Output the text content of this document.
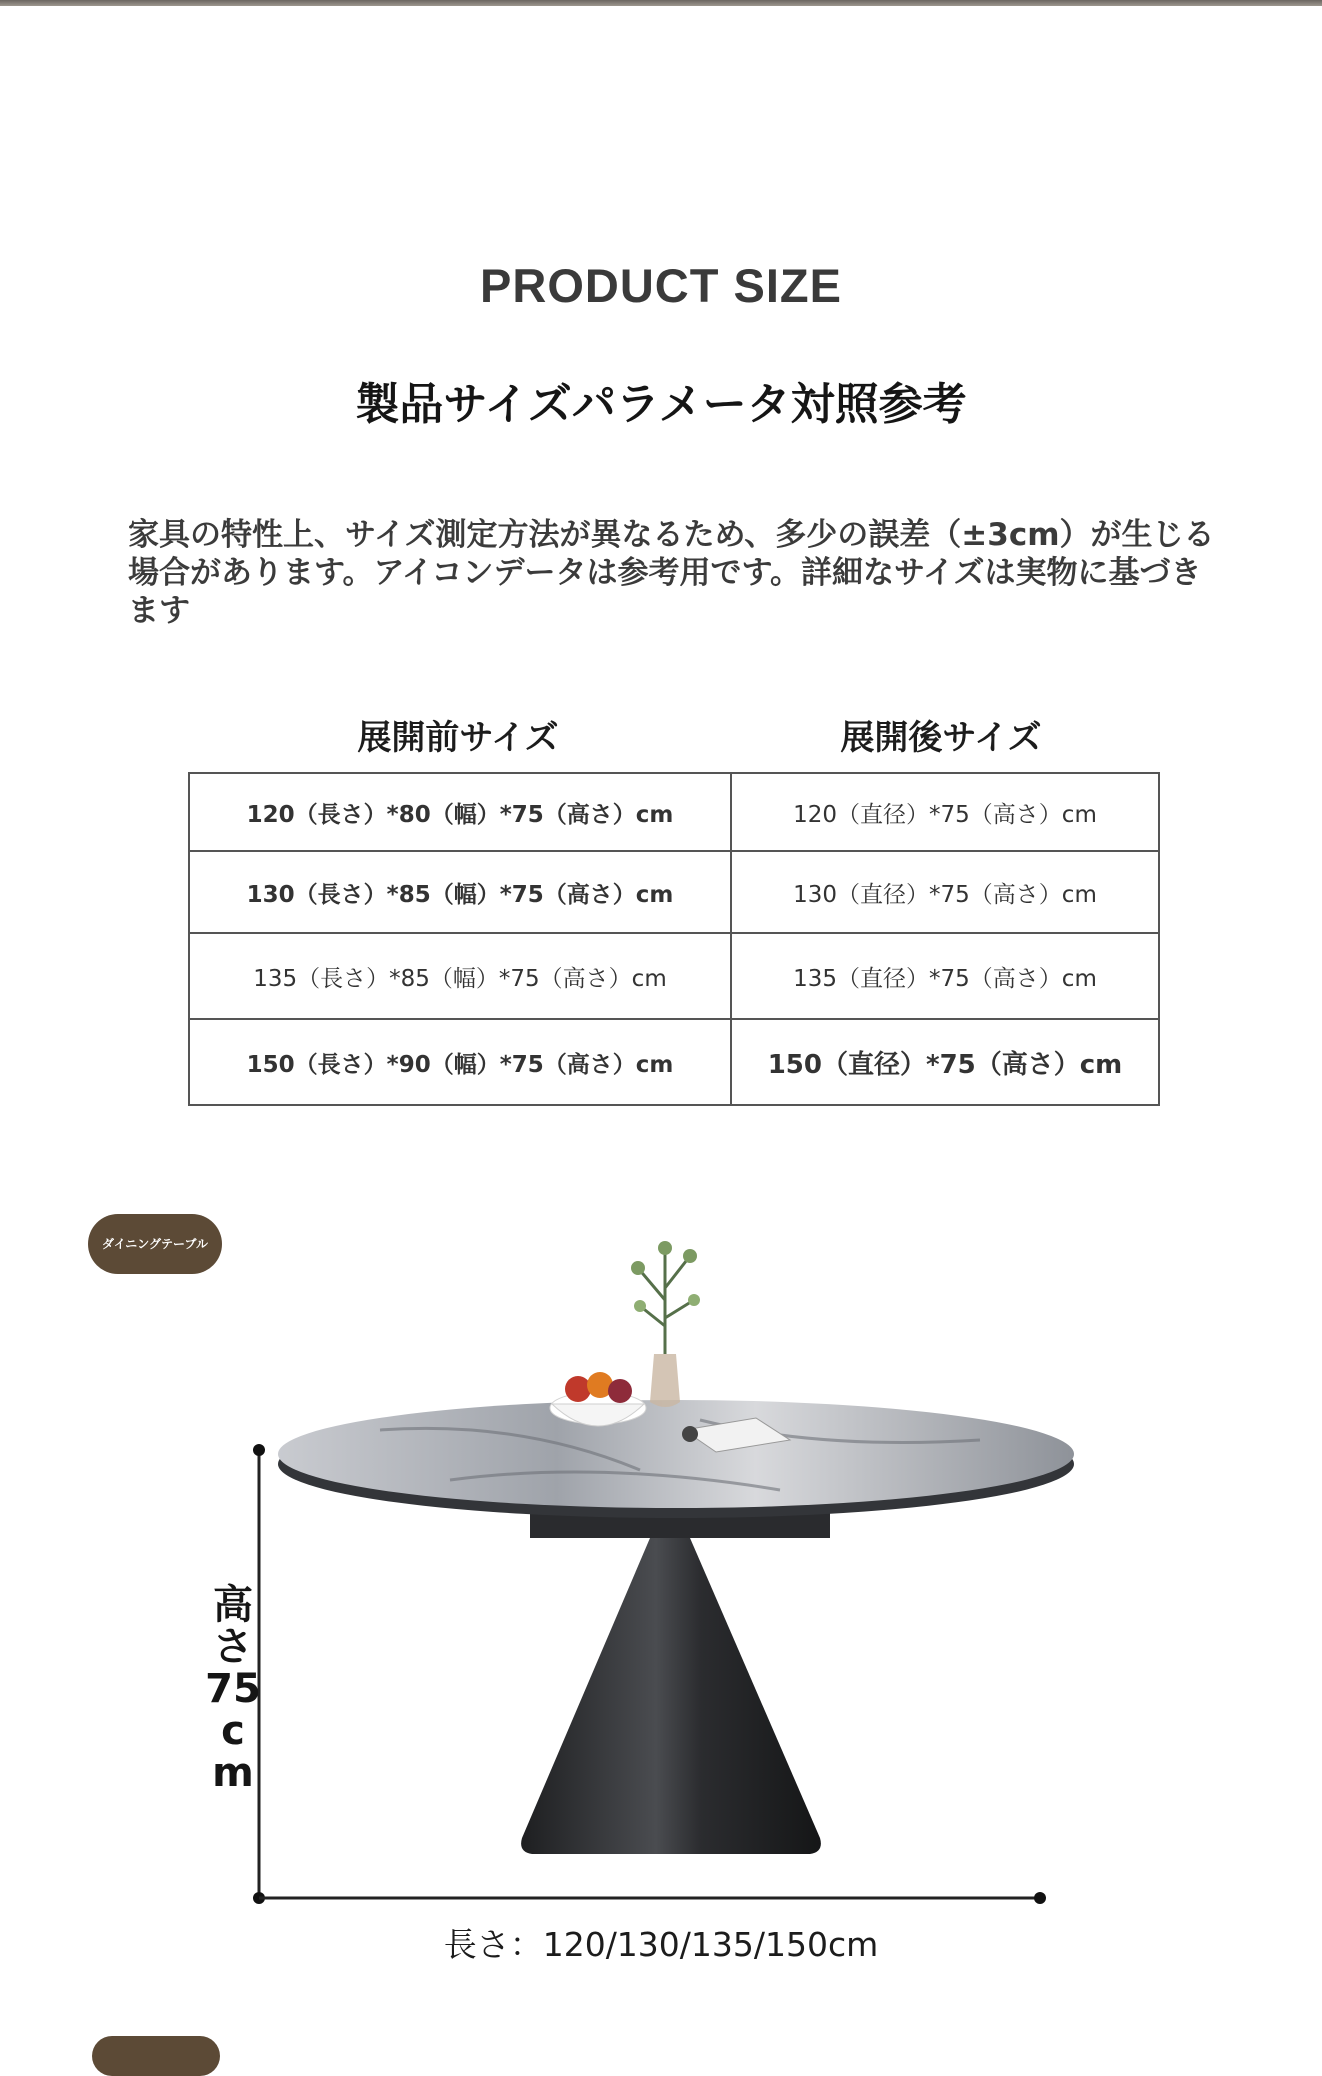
PRODUCT SIZE
製品サイズパラメータ対照参考
家具の特性上、サイズ測定方法が異なるため、多少の誤差（±3cm）が生じる場合があります。アイコンデータは参考用です。詳細なサイズは実物に基づきます
展開前サイズ	展開後サイズ
120（長さ）*80（幅）*75（高さ）cm	120（直径）*75（高さ）cm
130（長さ）*85（幅）*75（高さ）cm	130（直径）*75（高さ）cm
135（長さ）*85（幅）*75（高さ）cm	135（直径）*75（高さ）cm
150（長さ）*90（幅）*75（高さ）cm	150（直径）*75（高さ）cm
ダイニングテーブル
高さ75cm
長さ：120/130/135/150cm
